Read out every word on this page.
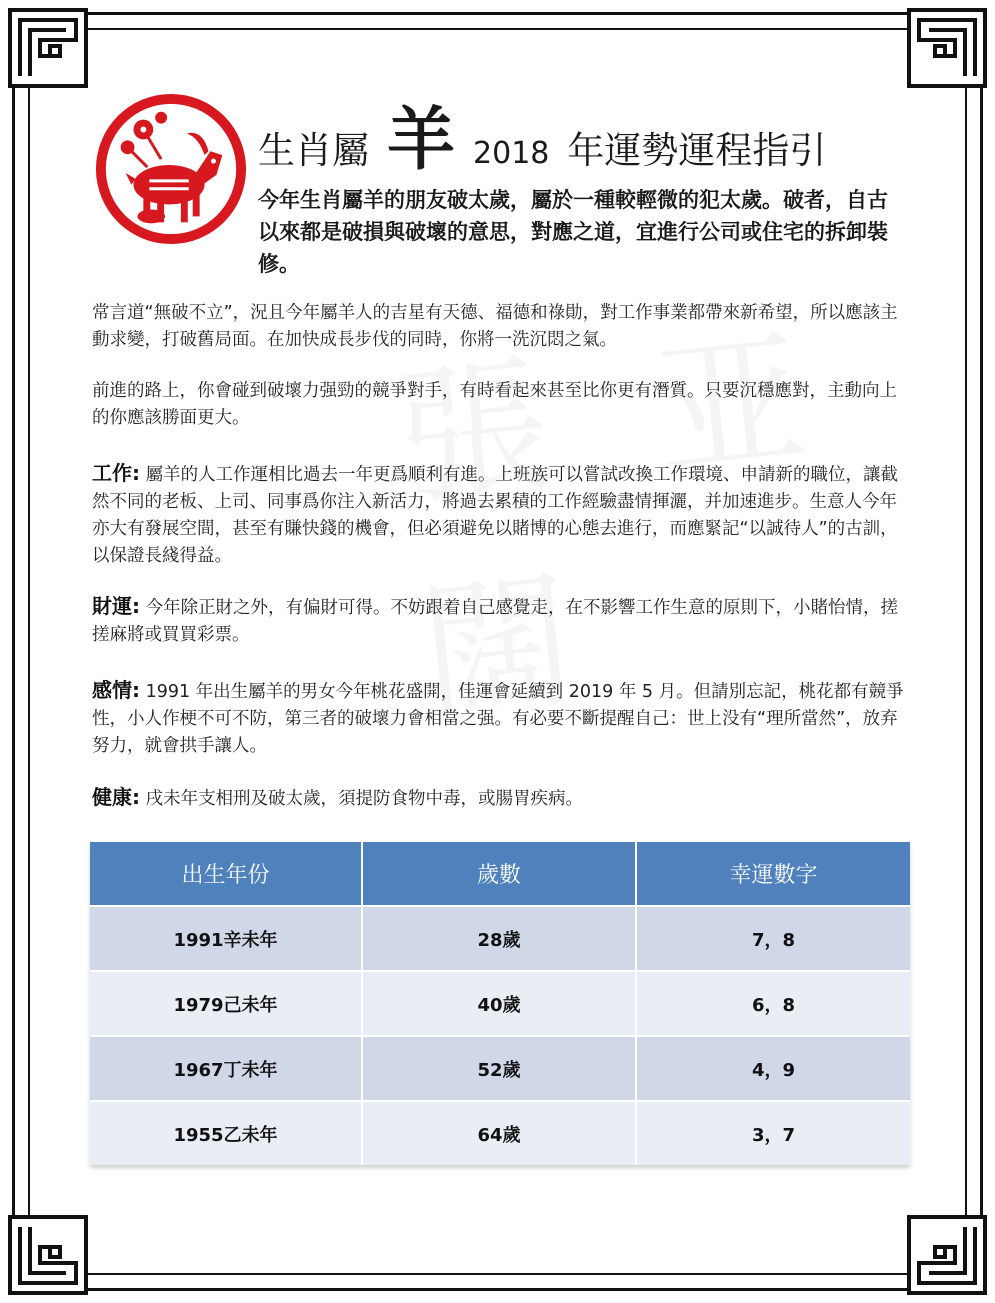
生肖屬 羊 2018 年運勢運程指引
今年生肖屬羊的朋友破太歲，屬於一種較輕微的犯太歲。破者，自古以來都是破損與破壞的意思，對應之道，宜進行公司或住宅的拆卸裝修。
常言道“無破不立”，況且今年屬羊人的吉星有天德、福德和祿勛，對工作事業都帶來新希望，所以應該主動求變，打破舊局面。在加快成長步伐的同時，你將一洗沉悶之氣。
前進的路上，你會碰到破壞力强勁的競爭對手，有時看起來甚至比你更有潛質。只要沉穩應對，主動向上的你應該勝面更大。
工作: 屬羊的人工作運相比過去一年更爲順利有進。上班族可以嘗試改換工作環境、申請新的職位，讓截然不同的老板、上司、同事爲你注入新活力，將過去累積的工作經驗盡情揮灑，并加速進步。生意人今年亦大有發展空間，甚至有賺快錢的機會，但必須避免以賭博的心態去進行，而應緊記“以誠待人”的古訓，以保證長綫得益。
財運: 今年除正財之外，有偏財可得。不妨跟着自己感覺走，在不影響工作生意的原則下，小賭怡情，搓搓麻將或買買彩票。
感情: 1991 年出生屬羊的男女今年桃花盛開，佳運會延續到 2019 年 5 月。但請別忘記，桃花都有競爭性，小人作梗不可不防，第三者的破壞力會相當之强。有必要不斷提醒自己：世上没有“理所當然”，放弃努力，就會拱手讓人。
健康: 戌未年支相刑及破太歲，須提防食物中毒，或腸胃疾病。
出生年份	歲數	幸運數字
1991辛未年	28歲	7，8
1979己未年	40歲	6，8
1967丁未年	52歲	4，9
1955乙未年	64歲	3，7
